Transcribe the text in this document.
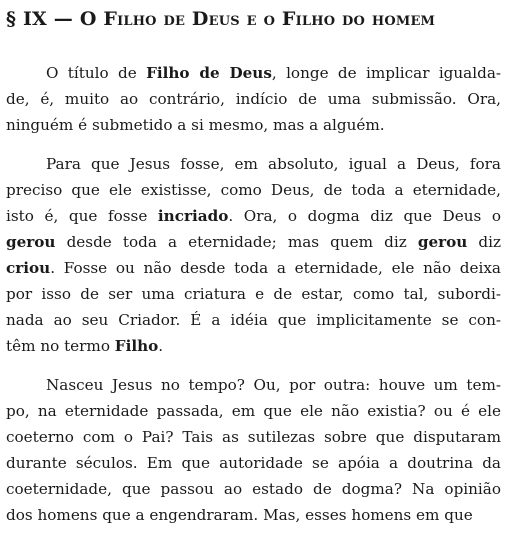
§ IX — O Filho de Deus e o Filho do homem
O título de Filho de Deus, longe de implicar igualda-
de, é, muito ao contrário, indício de uma submissão. Ora,
ninguém é submetido a si mesmo, mas a alguém.
Para que Jesus fosse, em absoluto, igual a Deus, fora
preciso que ele existisse, como Deus, de toda a eternidade,
isto é, que fosse incriado. Ora, o dogma diz que Deus o
gerou desde toda a eternidade; mas quem diz gerou diz
criou. Fosse ou não desde toda a eternidade, ele não deixa
por isso de ser uma criatura e de estar, como tal, subordi-
nada ao seu Criador. É a idéia que implicitamente se con-
têm no termo Filho.
Nasceu Jesus no tempo? Ou, por outra: houve um tem-
po, na eternidade passada, em que ele não existia? ou é ele
coeterno com o Pai? Tais as sutilezas sobre que disputaram
durante séculos. Em que autoridade se apóia a doutrina da
coeternidade, que passou ao estado de dogma? Na opinião
dos homens que a engendraram. Mas, esses homens em que
